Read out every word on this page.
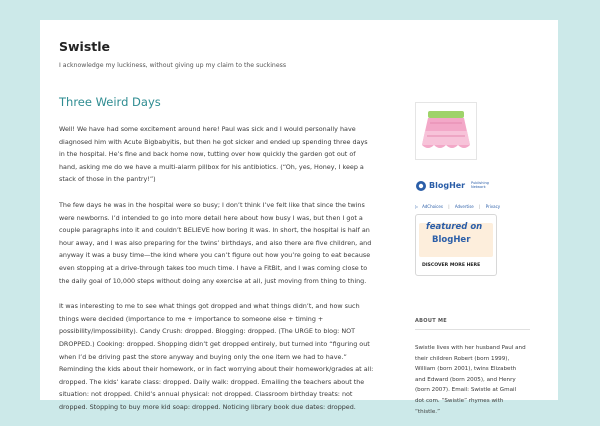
Swistle
I acknowledge my luckiness, without giving up my claim to the suckiness
Three Weird Days

Well! We have had some excitement around here! Paul was sick and I would personally have diagnosed him with Acute Bigbabyitis, but then he got sicker and ended up spending three days in the hospital. He’s fine and back home now, tutting over how quickly the garden got out of hand, asking me do we have a multi-alarm pillbox for his antibiotics. (“Oh, yes, Honey, I keep a stack of those in the pantry!”)

The few days he was in the hospital were so busy; I don’t think I’ve felt like that since the twins were newborns. I’d intended to go into more detail here about how busy I was, but then I got a couple paragraphs into it and couldn’t BELIEVE how boring it was. In short, the hospital is half an hour away, and I was also preparing for the twins’ birthdays, and also there are five children, and anyway it was a busy time—the kind where you can’t figure out how you’re going to eat because even stopping at a drive-through takes too much time. I have a FitBit, and I was coming close to the daily goal of 10,000 steps without doing any exercise at all, just moving from thing to thing.

It was interesting to me to see what things got dropped and what things didn’t, and how such things were decided (importance to me + importance to someone else + timing + possibility/impossibility). Candy Crush: dropped. Blogging: dropped. (The URGE to blog: NOT DROPPED.) Cooking: dropped. Shopping didn’t get dropped entirely, but turned into “figuring out when I’d be driving past the store anyway and buying only the one item we had to have.” Reminding the kids about their homework, or in fact worrying about their homework/grades at all: dropped. The kids’ karate class: dropped. Daily walk: dropped. Emailing the teachers about the situation: not dropped. Child’s annual physical: not dropped. Classroom birthday treats: not dropped. Stopping to buy more kid soap: dropped. Noticing library book due dates: dropped.

BlogHer Publishing Network
▷ AdChoices | Advertise | Privacy
featured on
BlogHer
DISCOVER MORE HERE
ABOUT ME
Swistle lives with her husband Paul and their children Robert (born 1999), William (born 2001), twins Elizabeth and Edward (born 2005), and Henry (born 2007). Email: Swistle at Gmail dot com. “Swistle” rhymes with “thistle.”
